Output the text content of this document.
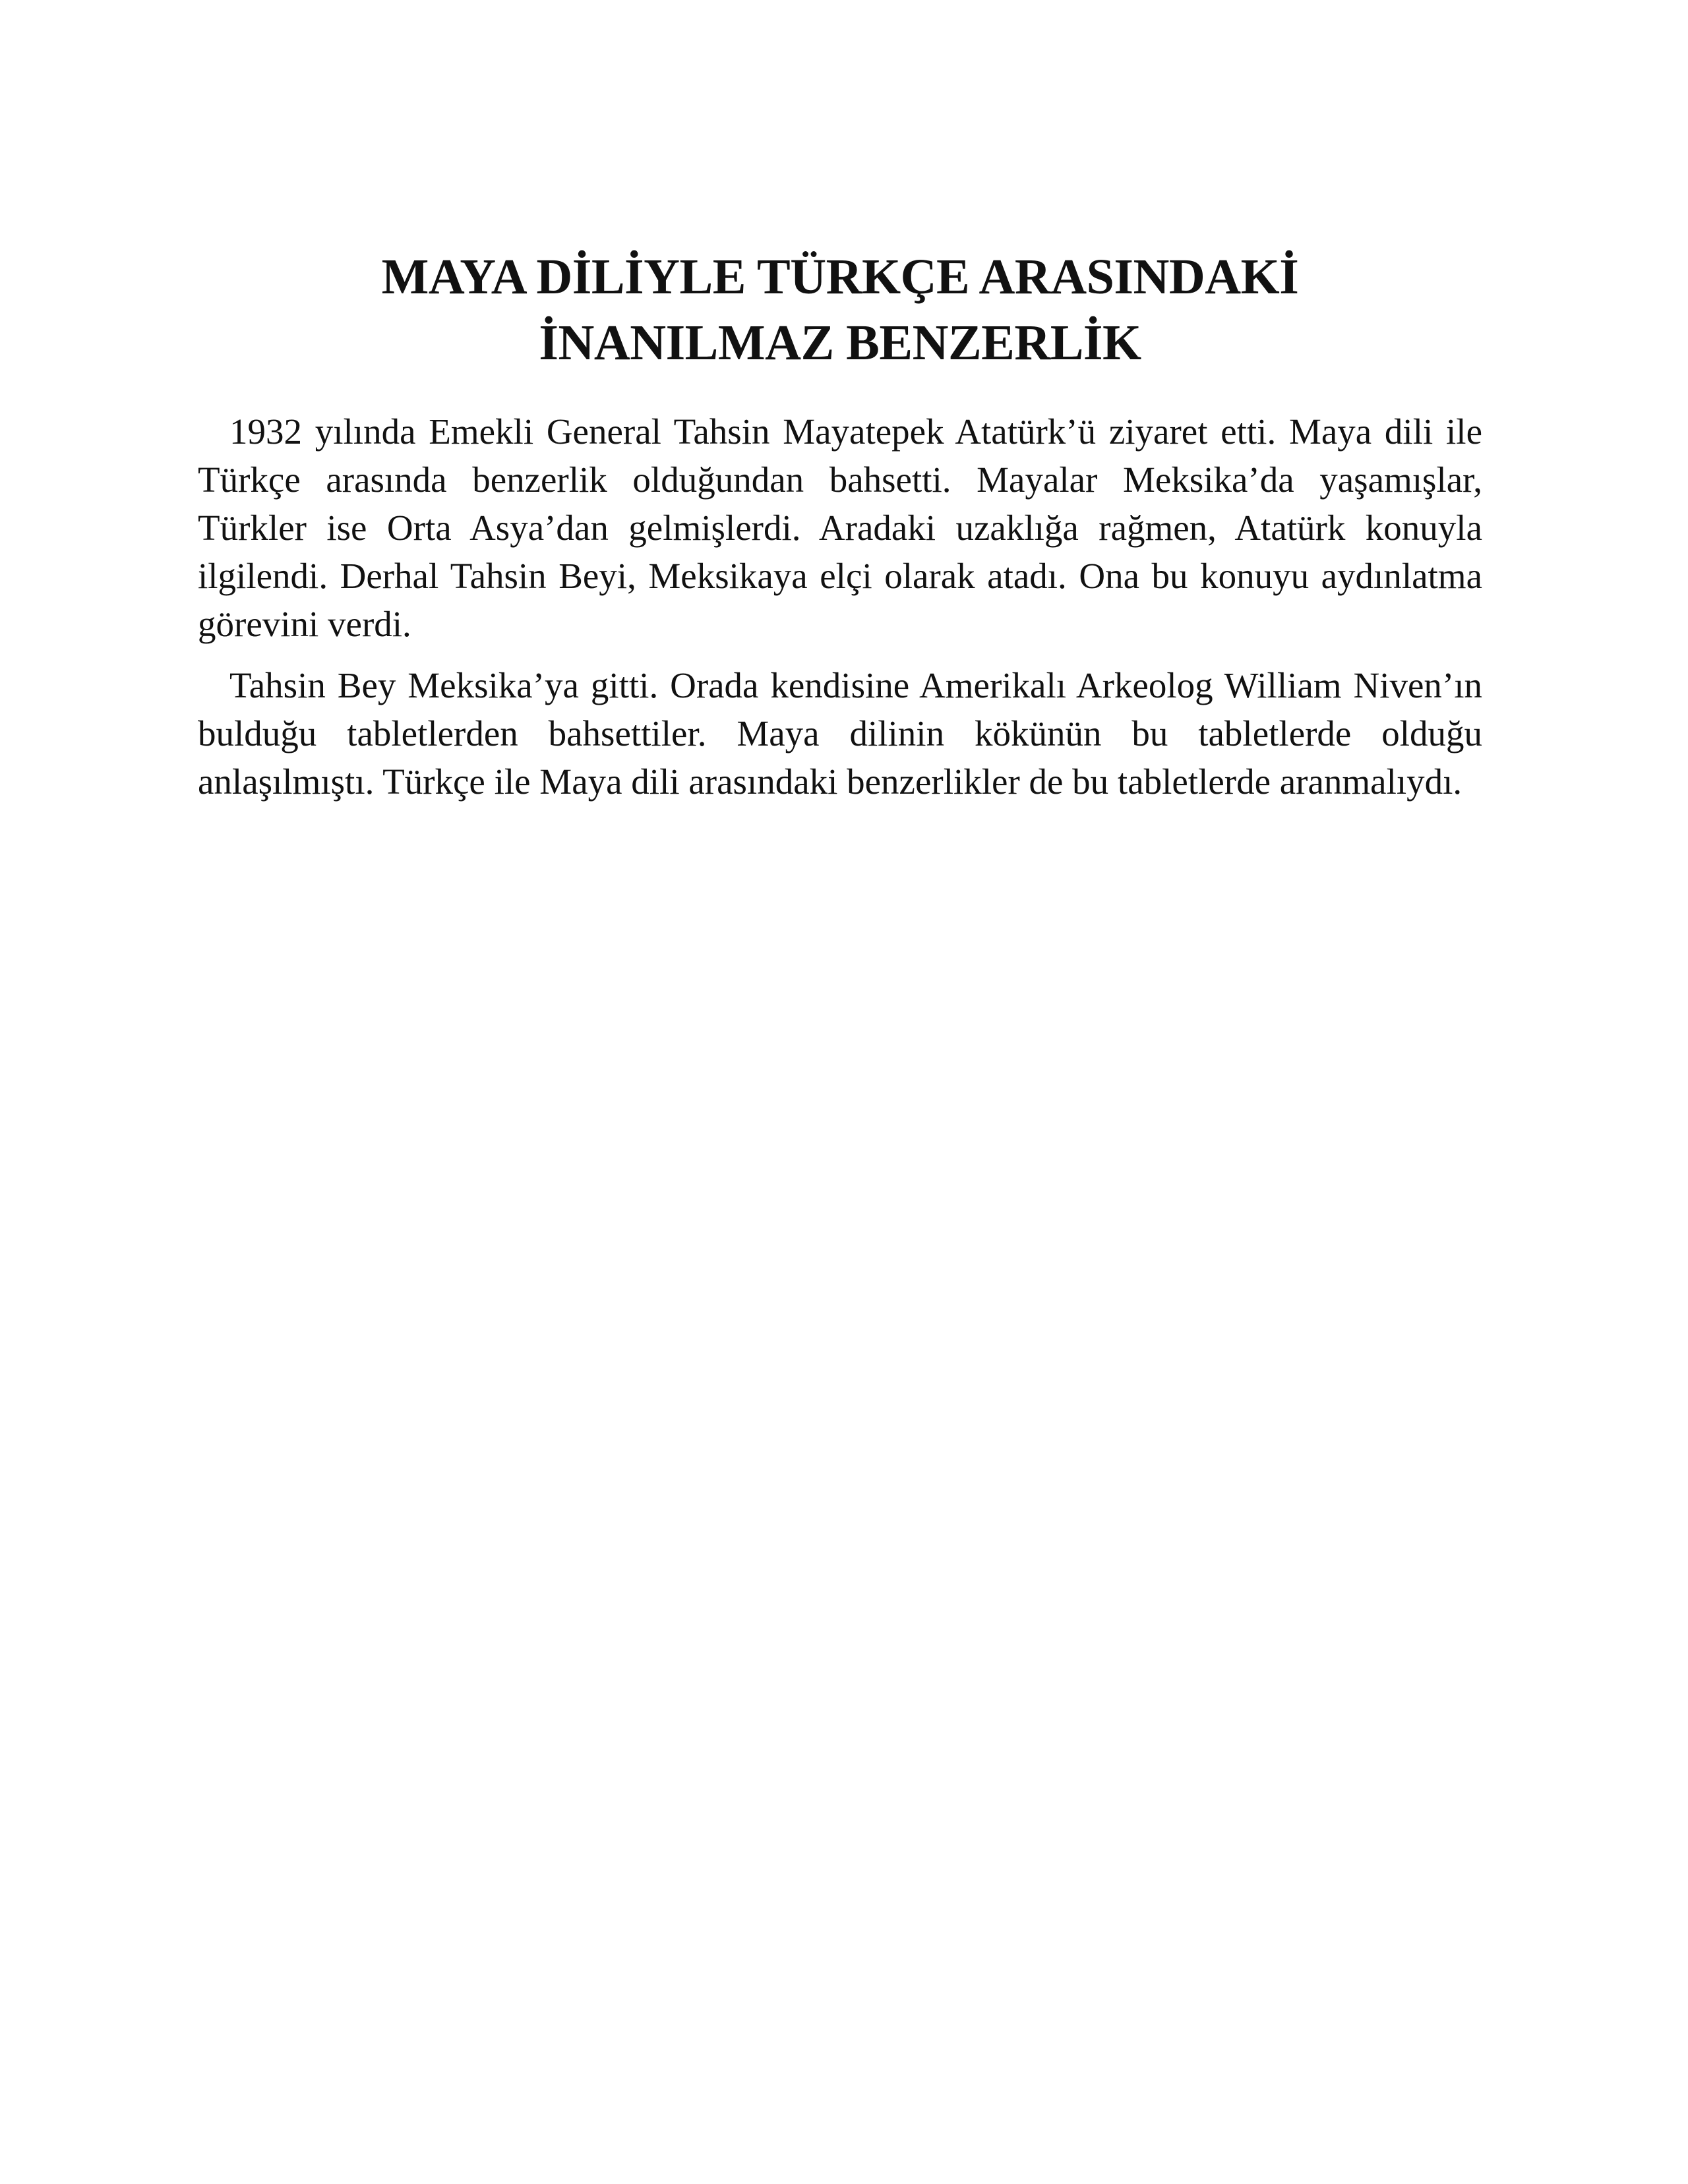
MAYA DİLİYLE TÜRKÇE ARASINDAKİ
İNANILMAZ BENZERLİK

1932 yılında Emekli General Tahsin Mayatepek Atatürk’ü ziyaret etti. Maya dili ile Türkçe arasında benzerlik olduğundan bahsetti. Mayalar Meksika’da yaşamışlar, Türkler ise Orta Asya’dan gelmişlerdi. Aradaki uzaklığa rağmen, Atatürk konuyla ilgilendi. Derhal Tahsin Beyi, Meksikaya elçi olarak atadı. Ona bu konuyu aydınlatma görevini verdi.

Tahsin Bey Meksika’ya gitti. Orada kendisine Amerikalı Arkeolog William Niven’ın bulduğu tabletlerden bahsettiler. Maya dilinin kökünün bu tabletlerde olduğu anlaşılmıştı. Türkçe ile Maya dili arasındaki benzerlikler de bu tabletlerde aranmalıydı.
